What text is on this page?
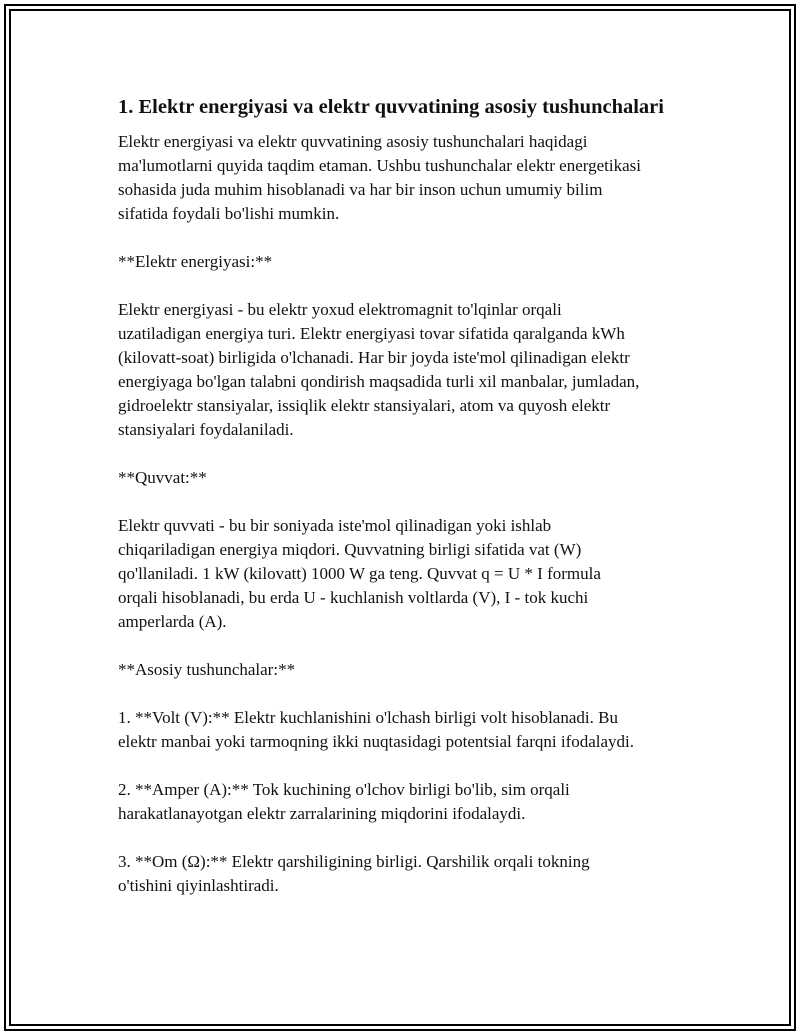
1. Elektr energiyasi va elektr quvvatining asosiy tushunchalari

Elektr energiyasi va elektr quvvatining asosiy tushunchalari haqidagi
ma'lumotlarni quyida taqdim etaman. Ushbu tushunchalar elektr energetikasi
sohasida juda muhim hisoblanadi va har bir inson uchun umumiy bilim
sifatida foydali bo'lishi mumkin.

**Elektr energiyasi:**

Elektr energiyasi - bu elektr yoxud elektromagnit to'lqinlar orqali
uzatiladigan energiya turi. Elektr energiyasi tovar sifatida qaralganda kWh
(kilovatt-soat) birligida o'lchanadi. Har bir joyda iste'mol qilinadigan elektr
energiyaga bo'lgan talabni qondirish maqsadida turli xil manbalar, jumladan,
gidroelektr stansiyalar, issiqlik elektr stansiyalari, atom va quyosh elektr
stansiyalari foydalaniladi.

**Quvvat:**

Elektr quvvati - bu bir soniyada iste'mol qilinadigan yoki ishlab
chiqariladigan energiya miqdori. Quvvatning birligi sifatida vat (W)
qo'llaniladi. 1 kW (kilovatt) 1000 W ga teng. Quvvat q = U * I formula
orqali hisoblanadi, bu erda U - kuchlanish voltlarda (V), I - tok kuchi
amperlarda (A).

**Asosiy tushunchalar:**

1. **Volt (V):** Elektr kuchlanishini o'lchash birligi volt hisoblanadi. Bu
elektr manbai yoki tarmoqning ikki nuqtasidagi potentsial farqni ifodalaydi.

2. **Amper (A):** Tok kuchining o'lchov birligi bo'lib, sim orqali
harakatlanayotgan elektr zarralarining miqdorini ifodalaydi.

3. **Om (Ω):** Elektr qarshiligining birligi. Qarshilik orqali tokning
o'tishini qiyinlashtiradi.
